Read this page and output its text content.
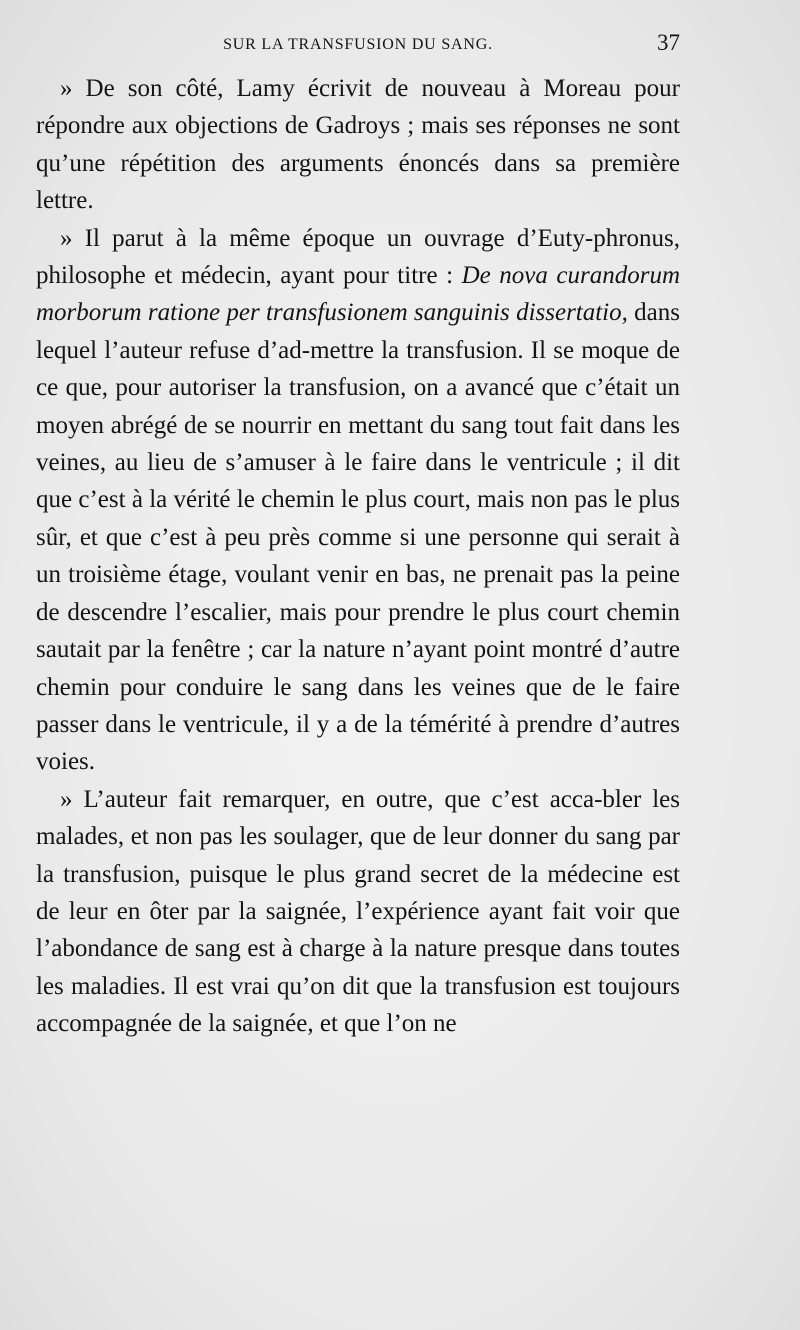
SUR LA TRANSFUSION DU SANG.	37

» De son côté, Lamy écrivit de nouveau à Moreau pour répondre aux objections de Gadroys ; mais ses réponses ne sont qu’une répétition des arguments énoncés dans sa première lettre.

» Il parut à la même époque un ouvrage d’Euty-phronus, philosophe et médecin, ayant pour titre : De nova curandorum morborum ratione per transfusionem sanguinis dissertatio, dans lequel l’auteur refuse d’ad-mettre la transfusion. Il se moque de ce que, pour autoriser la transfusion, on a avancé que c’était un moyen abrégé de se nourrir en mettant du sang tout fait dans les veines, au lieu de s’amuser à le faire dans le ventricule ; il dit que c’est à la vérité le chemin le plus court, mais non pas le plus sûr, et que c’est à peu près comme si une personne qui serait à un troisième étage, voulant venir en bas, ne prenait pas la peine de descendre l’escalier, mais pour prendre le plus court chemin sautait par la fenêtre ; car la nature n’ayant point montré d’autre chemin pour conduire le sang dans les veines que de le faire passer dans le ventricule, il y a de la témérité à prendre d’autres voies.

» L’auteur fait remarquer, en outre, que c’est acca-bler les malades, et non pas les soulager, que de leur donner du sang par la transfusion, puisque le plus grand secret de la médecine est de leur en ôter par la saignée, l’expérience ayant fait voir que l’abondance de sang est à charge à la nature presque dans toutes les maladies. Il est vrai qu’on dit que la transfusion est toujours accompagnée de la saignée, et que l’on ne
